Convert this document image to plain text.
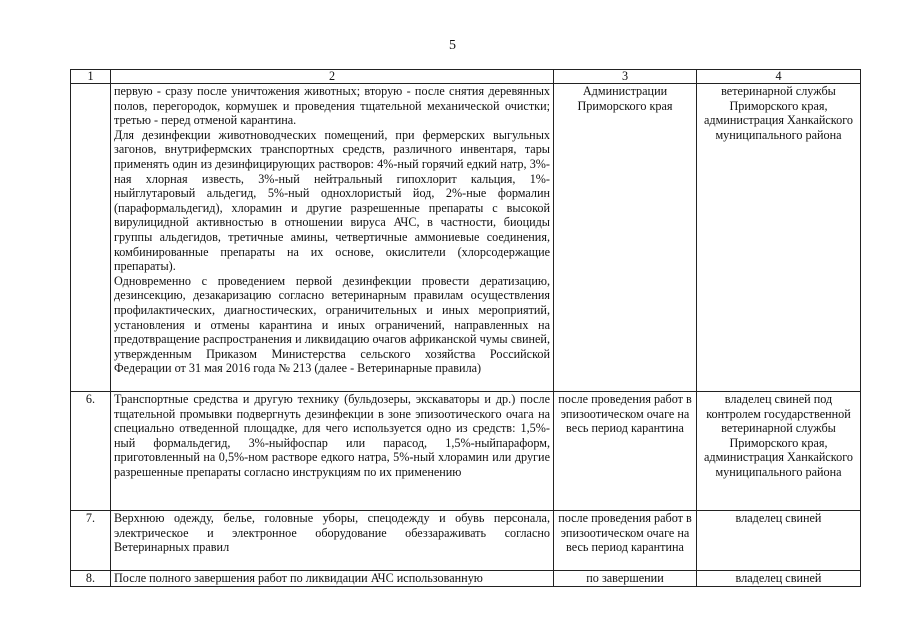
5
1	2	3	4

	первую - сразу после уничтожения животных; вторую - после снятия деревянных полов, перегородок, кормушек и проведения тщательной механической очистки; третью - перед отменой карантина.
Для дезинфекции животноводческих помещений, при фермерских выгульных загонов, внутрифермских транспортных средств, различного инвентаря, тары применять один из дезинфицирующих растворов: 4%-ный горячий едкий натр, 3%-ная хлорная известь, 3%-ный нейтральный гипохлорит кальция, 1%-ныйглутаровый альдегид, 5%-ный однохлористый йод, 2%-ные формалин (параформальдегид), хлорамин и другие разрешенные препараты с высокой вирулицидной активностью в отношении вируса АЧС, в частности, биоциды группы альдегидов, третичные амины, четвертичные аммониевые соединения, комбинированные препараты на их основе, окислители (хлорсодержащие препараты).
Одновременно с проведением первой дезинфекции провести дератизацию, дезинсекцию, дезакаризацию согласно ветеринарным правилам осуществления профилактических, диагностических, ограничительных и иных мероприятий, установления и отмены карантина и иных ограничений, направленных на предотвращение распространения и ликвидацию очагов африканской чумы свиней, утвержденным Приказом Министерства сельского хозяйства Российской Федерации от 31 мая 2016 года № 213 (далее - Ветеринарные правила)	Администрации Приморского края	ветеринарной службы Приморского края, администрация Ханкайского муниципального района
6.	Транспортные средства и другую технику (бульдозеры, экскаваторы и др.) после тщательной промывки подвергнуть дезинфекции в зоне эпизоотического очага на специально отведенной площадке, для чего используется одно из средств: 1,5%-ный формальдегид, 3%-ныйфоспар или парасод, 1,5%-ныйпараформ, приготовленный на 0,5%-ном растворе едкого натра, 5%-ный хлорамин или другие разрешенные препараты согласно инструкциям по их применению	после проведения работ в эпизоотическом очаге на весь период карантина	владелец свиней под контролем государственной ветеринарной службы Приморского края, администрация Ханкайского муниципального района
7.	Верхнюю одежду, белье, головные уборы, спецодежду и обувь персонала, электрическое и электронное оборудование обеззараживать согласно Ветеринарных правил	после проведения работ в эпизоотическом очаге на весь период карантина	владелец свиней
8.	После полного завершения работ по ликвидации АЧС использованную	по завершении	владелец свиней
